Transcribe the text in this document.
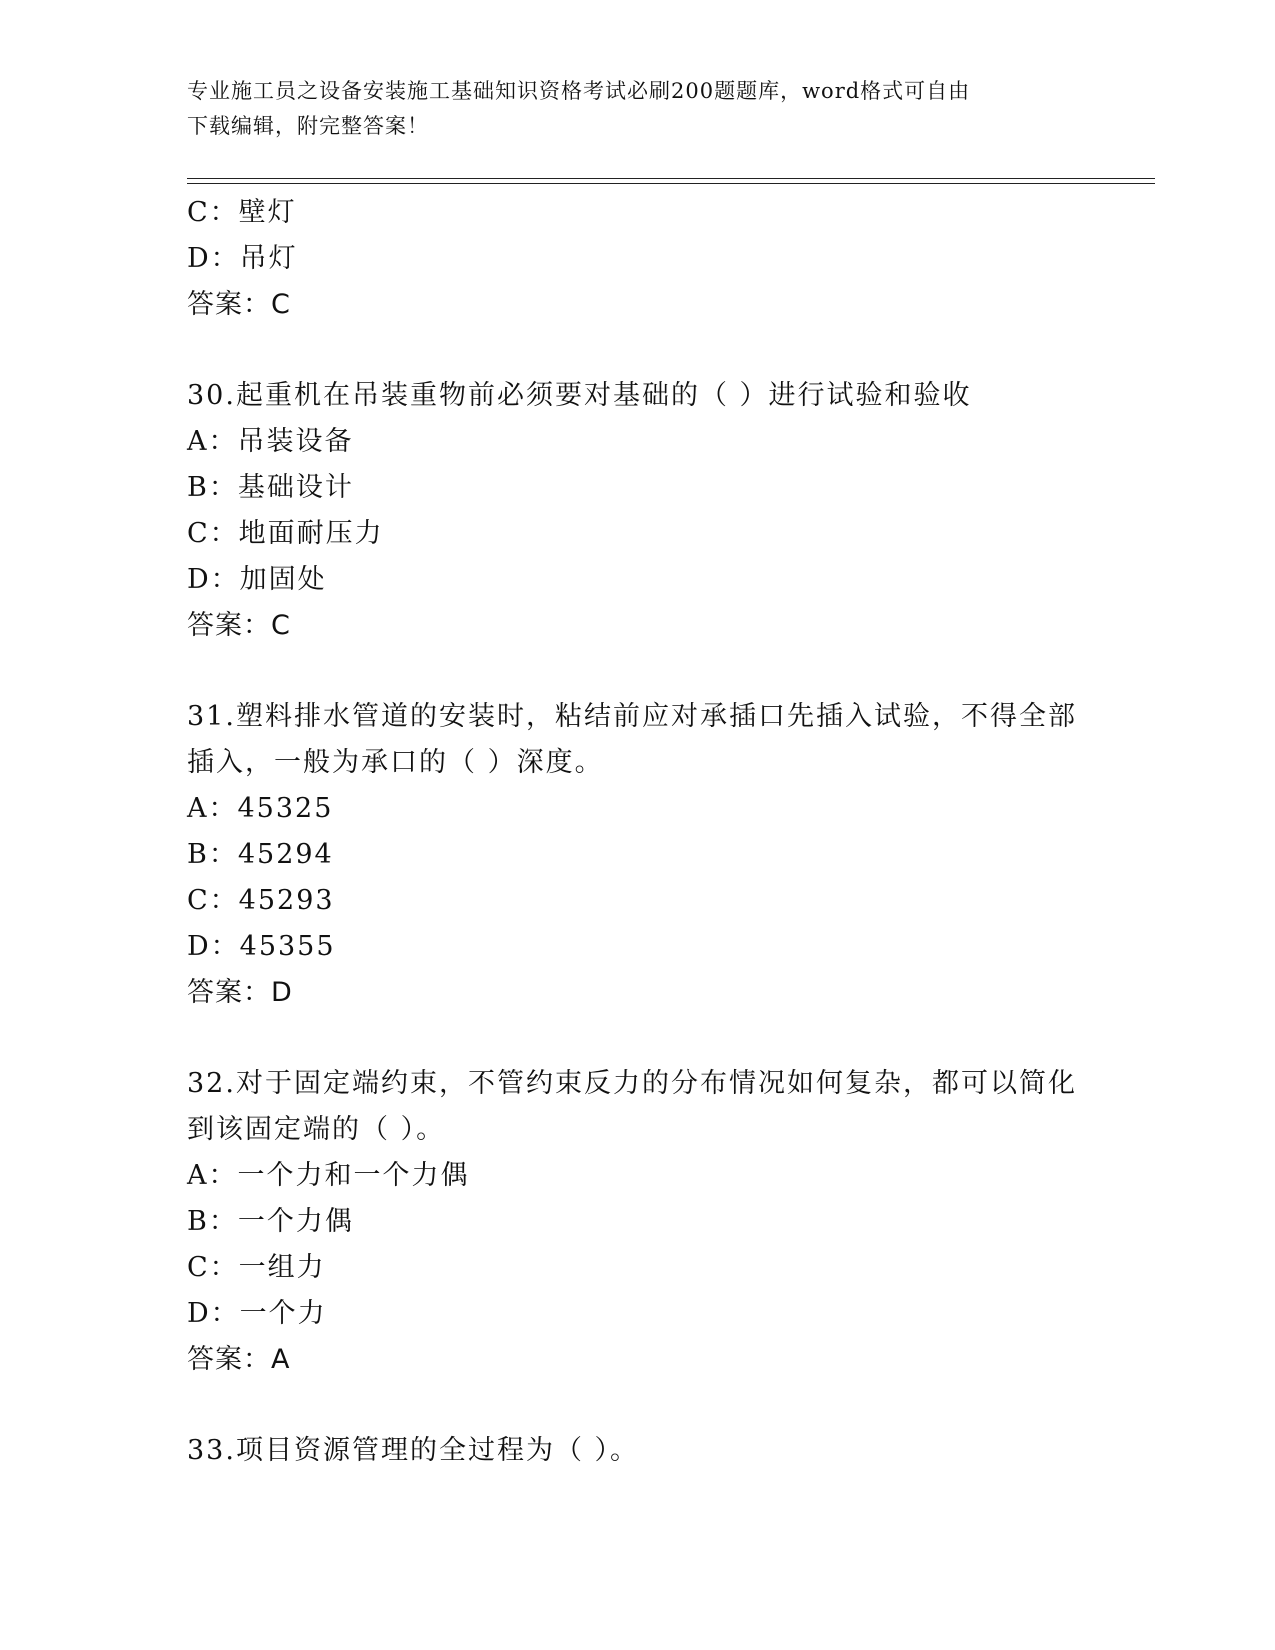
专业施工员之设备安装施工基础知识资格考试必刷200题题库，word格式可自由
下载编辑，附完整答案！
C：壁灯
D：吊灯
答案：C
30.起重机在吊装重物前必须要对基础的（ ）进行试验和验收
A：吊装设备
B：基础设计
C：地面耐压力
D：加固处
答案：C
31.塑料排水管道的安装时，粘结前应对承插口先插入试验，不得全部
插入，一般为承口的（ ）深度。
A：45325
B：45294
C：45293
D：45355
答案：D
32.对于固定端约束，不管约束反力的分布情况如何复杂，都可以简化
到该固定端的（ ）。
A：一个力和一个力偶
B：一个力偶
C：一组力
D：一个力
答案：A
33.项目资源管理的全过程为（ ）。
